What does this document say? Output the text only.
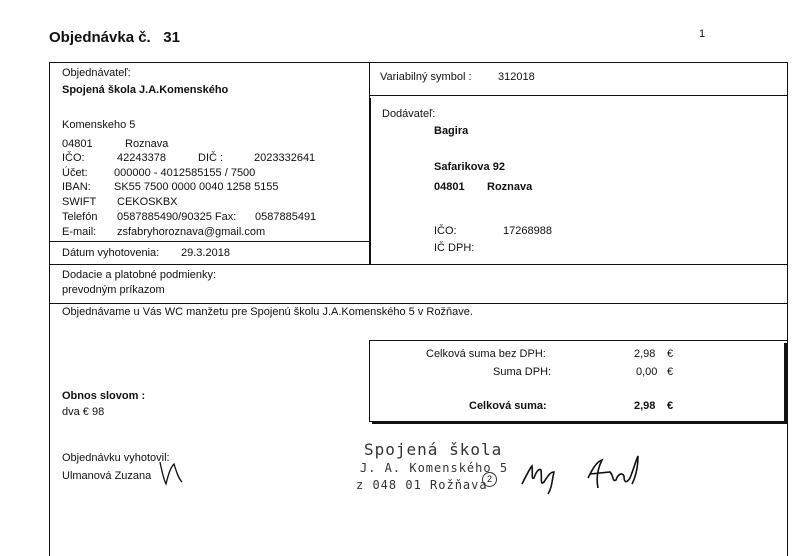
Objednávka č. 31	1
Objednávateľ:
Spojená škola J.A.Komenského
Komenskeho 5
04801	Roznava
IČO:	42243378	DIČ :	2023332641
Účet: 000000 - 4012585155 / 7500
IBAN: SK55 7500 0000 0040 1258 5155
SWIFT CEKOSKBX
Telefón 0587885490/90325 Fax: 0587885491
E-mail: zsfabryhoroznava@gmail.com
Dátum vyhotovenia: 29.3.2018
Variabilný symbol : 312018
Dodávateľ:
Bagira
Safarikova 92
04801 Roznava
IČO:	17268988
IČ DPH:
Dodacie a platobné podmienky:
prevodným príkazom
Objednávame u Vás WC manžetu pre Spojenú školu J.A.Komenského 5 v Rožňave.
Celková suma bez DPH:	2,98 €
Suma DPH:	0,00 €
Celková suma:	2,98 €
Obnos slovom :
dva € 98
Objednávku vyhotovil:
Ulmanová Zuzana
Spojená škola
J. A. Komenského 5
z 048 01 Rožňava 2
